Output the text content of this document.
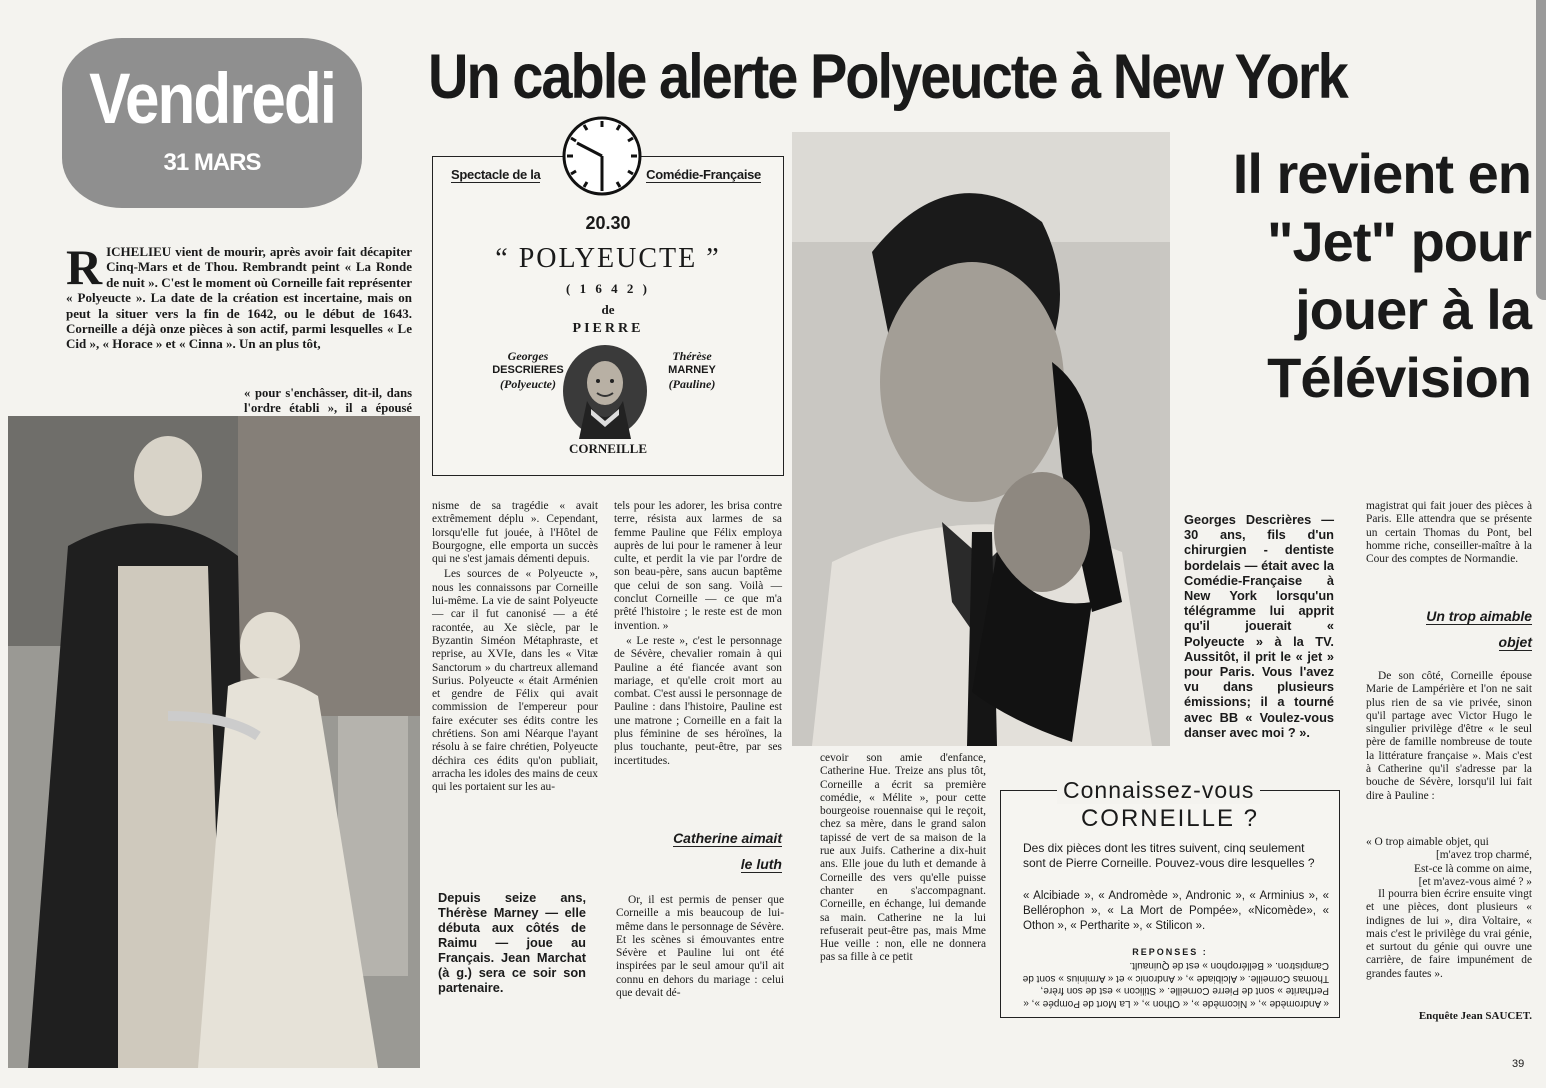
Vendredi
31 MARS
Un cable alerte Polyeucte à New York
Il revient en
"Jet" pour
jouer à la
Télévision
Spectacle de la	Comédie-Française
20.30
“ POLYEUCTE ”
( 1 6 4 2 )
de
PIERRE
Georges
DESCRIERES
(Polyeucte)
Thérèse
MARNEY
(Pauline)
CORNEILLE
RICHELIEU vient de mourir, après avoir fait décapiter Cinq-Mars et de Thou. Rembrandt peint « La Ronde de nuit ». C'est le moment où Corneille fait représenter « Polyeucte ». La date de la création est incertaine, mais on peut la situer vers la fin de 1642, ou le début de 1643. Corneille a déjà onze pièces à son actif, parmi lesquelles « Le Cid », « Horace » et « Cinna ». Un an plus tôt,
« pour s'enchâsser, dit-il, dans l'ordre établi », il a épousé

nisme de sa tragédie « avait extrêmement déplu ». Cependant, lorsqu'elle fut jouée, à l'Hôtel de Bourgogne, elle emporta un succès qui ne s'est jamais démenti depuis.

Les sources de « Polyeucte », nous les connaissons par Corneille lui-même. La vie de saint Polyeucte — car il fut canonisé — a été racontée, au Xe siècle, par le Byzantin Siméon Métaphraste, et reprise, au XVIe, dans les « Vitæ Sanctorum » du chartreux allemand Surius. Polyeucte « était Arménien et gendre de Félix qui avait commission de l'empereur pour faire exécuter ses édits contre les chrétiens. Son ami Néarque l'ayant résolu à se faire chrétien, Polyeucte déchira ces édits qu'on publiait, arracha les idoles des mains de ceux qui les portaient sur les au-

tels pour les adorer, les brisa contre terre, résista aux larmes de sa femme Pauline que Félix employa auprès de lui pour le ramener à leur culte, et perdit la vie par l'ordre de son beau-père, sans aucun baptême que celui de son sang. Voilà — conclut Corneille — ce que m'a prêté l'histoire ; le reste est de mon invention. »

« Le reste », c'est le personnage de Sévère, chevalier romain à qui Pauline a été fiancée avant son mariage, et qu'elle croit mort au combat. C'est aussi le personnage de Pauline : dans l'histoire, Pauline est une matrone ; Corneille en a fait la plus féminine de ses héroïnes, la plus touchante, peut-être, par ses incertitudes.

Catherine aimait
le luth
Or, il est permis de penser que Corneille a mis beaucoup de lui-même dans le personnage de Sévère. Et les scènes si émouvantes entre Sévère et Pauline lui ont été inspirées par le seul amour qu'il ait connu en dehors du mariage : celui que devait dé-
Depuis seize ans, Thérèse Marney — elle débuta aux côtés de Raimu — joue au Français. Jean Marchat (à g.) sera ce soir son partenaire.
cevoir son amie d'enfance, Catherine Hue. Treize ans plus tôt, Corneille a écrit sa première comédie, « Mélite », pour cette bourgeoise rouennaise qui le reçoit, chez sa mère, dans le grand salon tapissé de vert de sa maison de la rue aux Juifs. Catherine a dix-huit ans. Elle joue du luth et demande à Corneille des vers qu'elle puisse chanter en s'accompagnant. Corneille, en échange, lui demande sa main. Catherine ne la lui refuserait peut-être pas, mais Mme Hue veille : non, elle ne donnera pas sa fille à ce petit
Georges Descrières — 30 ans, fils d'un chirurgien - dentiste bordelais — était avec la Comédie-Française à New York lorsqu'un télégramme lui apprit qu'il jouerait « Polyeucte » à la TV. Aussitôt, il prit le « jet » pour Paris. Vous l'avez vu dans plusieurs émissions; il a tourné avec BB « Voulez-vous danser avec moi ? ».
magistrat qui fait jouer des pièces à Paris. Elle attendra que se présente un certain Thomas du Pont, bel homme riche, conseiller-maître à la Cour des comptes de Normandie.
Un trop aimable
objet
De son côté, Corneille épouse Marie de Lampérière et l'on ne sait plus rien de sa vie privée, sinon qu'il partage avec Victor Hugo le singulier privilège d'être « le seul père de famille nombreuse de toute la littérature française ». Mais c'est à Catherine qu'il s'adresse par la bouche de Sévère, lorsqu'il lui fait dire à Pauline :
« O trop aimable objet, qui
[m'avez trop charmé,
Est-ce là comme on aime,
[et m'avez-vous aimé ? »
Il pourra bien écrire ensuite vingt et une pièces, dont plusieurs « indignes de lui », dira Voltaire, « mais c'est le privilège du vrai génie, et surtout du génie qui ouvre une carrière, de faire impunément de grandes fautes ».
Enquête Jean SAUCET.
Connaissez-vous
CORNEILLE ?
Des dix pièces dont les titres suivent, cinq seulement sont de Pierre Corneille. Pouvez-vous dire lesquelles ?
« Alcibiade », « Andromède », Andronic », « Arminius », « Bellérophon », « La Mort de Pompée», «Nicomède», « Othon », « Pertharite », « Stilicon ».
REPONSES :
« Andromède », « Nicomède », « Othon », « La Mort de Pompée », « Pertharite » sont de Pierre Corneille. « Stilicon » est de son frère, Thomas Corneille. « Alcibiade », « Andronic » et « Arminius » sont de Campistron. « Bellérophon » est de Quinault.
39
